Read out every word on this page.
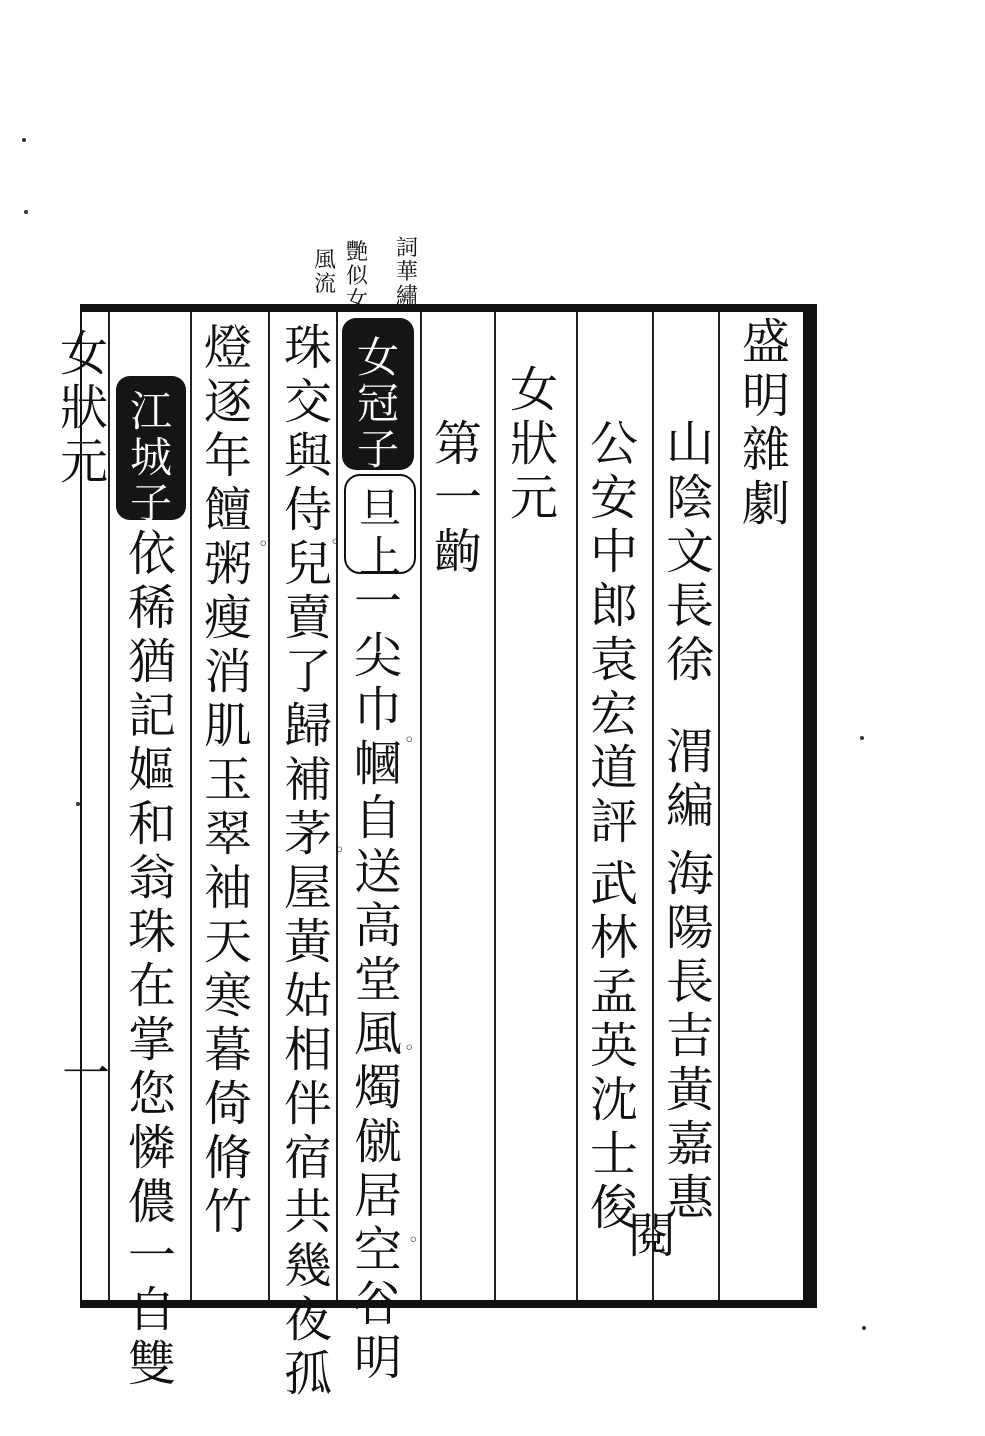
盛
明
雜
劇
山
陰
文
長
徐
渭
編
海
陽
長
吉
黃
嘉
惠
閱
公
安
中
郎
袁
宏
道
評
武
林
孟
英
沈
士
俊
女
狀
元
第
一
齣
女
冠
子
旦
上
一
尖
巾
幗
自
送
高
堂
風
燭
僦
居
空
谷
明
珠
交
與
侍
兒
賣
了
歸
補
茅
屋
黃
姑
相
伴
宿
共
幾
夜
孤
燈
逐
年
饘
粥
瘦
消
肌
玉
翠
袖
天
寒
暮
倚
脩
竹
詞
華
繡
艷
似
女
風
流
江
城
子
依
稀
猶
記
嫗
和
翁
珠
在
掌
您
憐
儂
一
自
雙
女
狀
元
一
◦
◦
◦
◦
◦
◦
